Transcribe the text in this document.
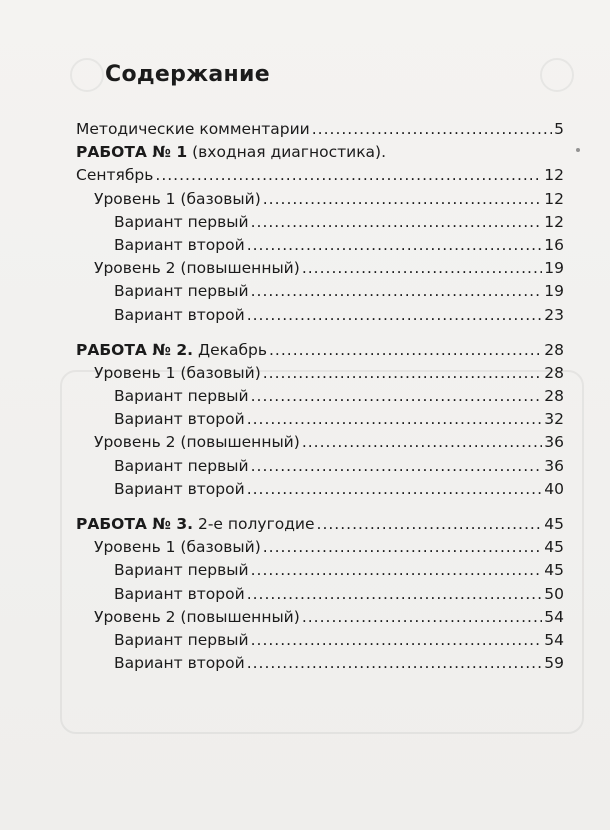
Содержание
Методические комментарии .....	5
РАБОТА № 1 (входная диагностика).
Сентябрь .....	12
Уровень 1 (базовый) .....	12
Вариант первый .....	12
Вариант второй .....	16
Уровень 2 (повышенный) .....	19
Вариант первый .....	19
Вариант второй .....	23
РАБОТА № 2. Декабрь .....	28
Уровень 1 (базовый) .....	28
Вариант первый .....	28
Вариант второй .....	32
Уровень 2 (повышенный) .....	36
Вариант первый .....	36
Вариант второй .....	40
РАБОТА № 3. 2-е полугодие .....	45
Уровень 1 (базовый) .....	45
Вариант первый .....	45
Вариант второй .....	50
Уровень 2 (повышенный) .....	54
Вариант первый .....	54
Вариант второй .....	59
